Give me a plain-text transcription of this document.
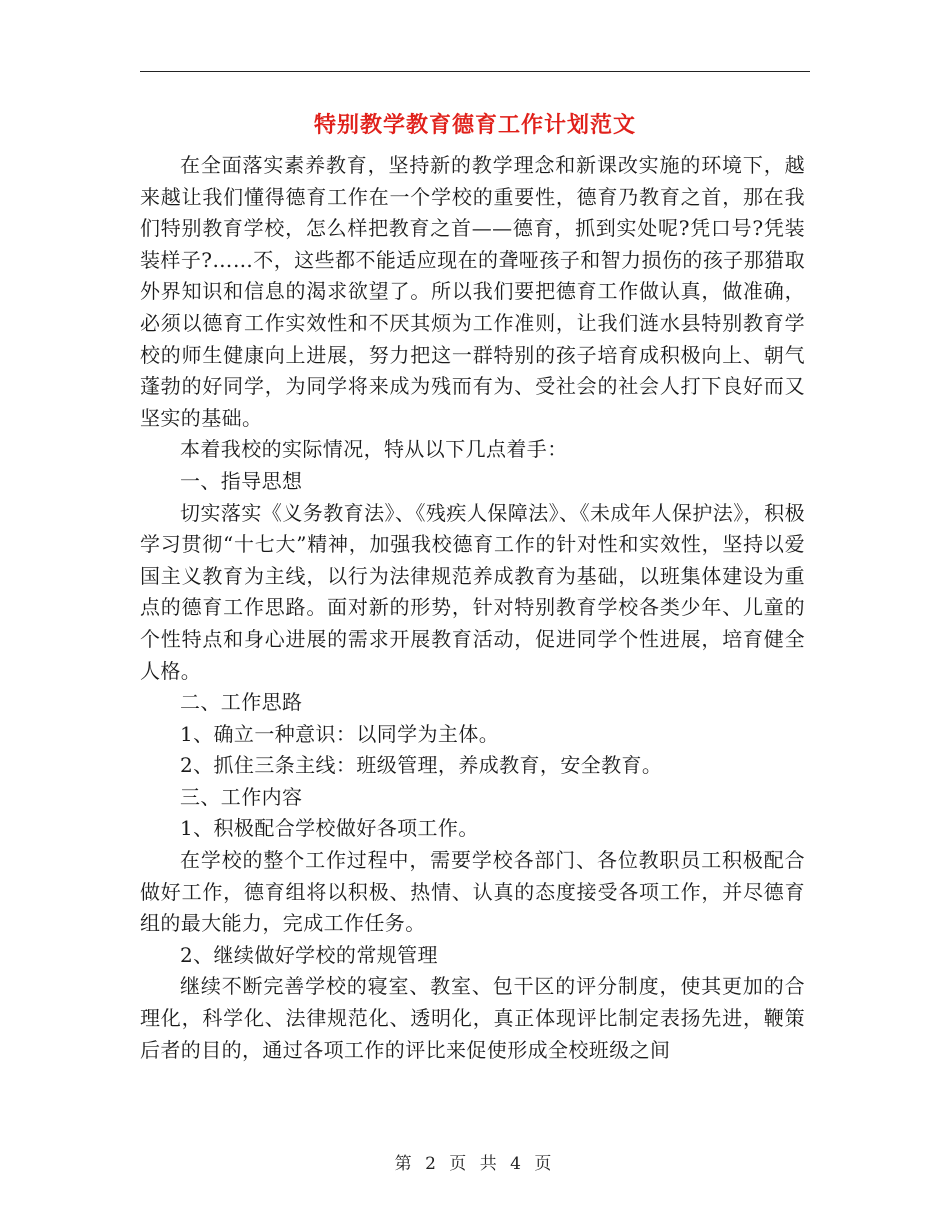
特别教学教育德育工作计划范文

在全面落实素养教育，坚持新的教学理念和新课改实施的环境下，越来越让我们懂得德育工作在一个学校的重要性，德育乃教育之首，那在我们特别教育学校，怎么样把教育之首——德育，抓到实处呢?凭口号?凭装装样子?……不，这些都不能适应现在的聋哑孩子和智力损伤的孩子那猎取外界知识和信息的渴求欲望了。所以我们要把德育工作做认真，做准确，必须以德育工作实效性和不厌其烦为工作准则，让我们涟水县特别教育学校的师生健康向上进展，努力把这一群特别的孩子培育成积极向上、朝气蓬勃的好同学，为同学将来成为残而有为、受社会的社会人打下良好而又坚实的基础。

本着我校的实际情况，特从以下几点着手：

一、指导思想

切实落实《义务教育法》、《残疾人保障法》、《未成年人保护法》，积极学习贯彻“十七大”精神，加强我校德育工作的针对性和实效性，坚持以爱国主义教育为主线，以行为法律规范养成教育为基础，以班集体建设为重点的德育工作思路。面对新的形势，针对特别教育学校各类少年、儿童的个性特点和身心进展的需求开展教育活动，促进同学个性进展，培育健全人格。

二、工作思路

1、确立一种意识：以同学为主体。

2、抓住三条主线：班级管理，养成教育，安全教育。

三、工作内容

1、积极配合学校做好各项工作。

在学校的整个工作过程中，需要学校各部门、各位教职员工积极配合做好工作，德育组将以积极、热情、认真的态度接受各项工作，并尽德育组的最大能力，完成工作任务。

2、继续做好学校的常规管理

继续不断完善学校的寝室、教室、包干区的评分制度，使其更加的合理化，科学化、法律规范化、透明化，真正体现评比制定表扬先进，鞭策后者的目的，通过各项工作的评比来促使形成全校班级之间

第 2 页 共 4 页
